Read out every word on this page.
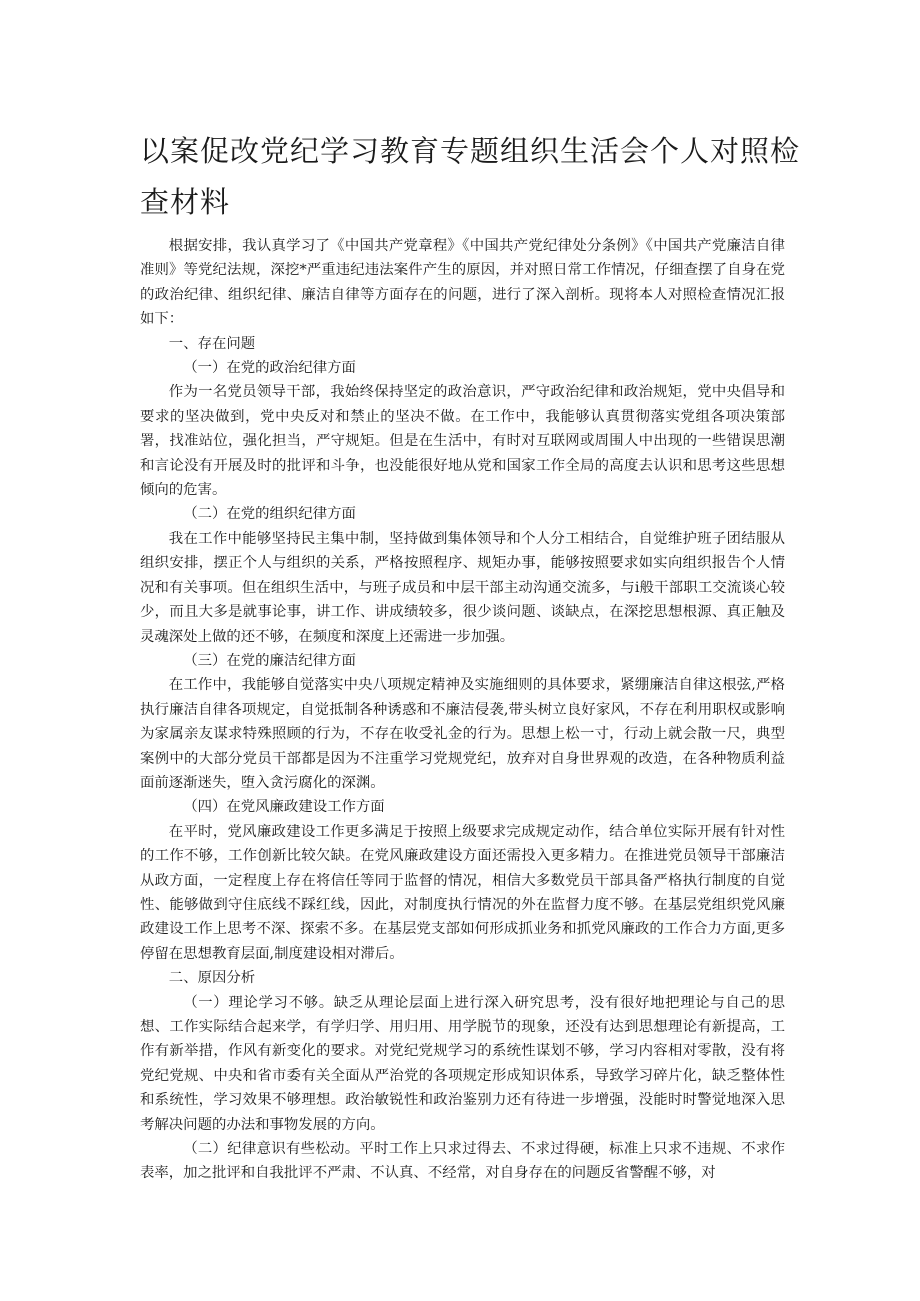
以案促改党纪学习教育专题组织生活会个人对照检查材料

根据安排，我认真学习了《中国共产党章程》《中国共产党纪律处分条例》《中国共产党廉洁自律准则》等党纪法规，深挖*严重违纪违法案件产生的原因，并对照日常工作情况，仔细查摆了自身在党的政治纪律、组织纪律、廉洁自律等方面存在的问题，进行了深入剖析。现将本人对照检查情况汇报如下：

一、存在问题

（一）在党的政治纪律方面

作为一名党员领导干部，我始终保持坚定的政治意识，严守政治纪律和政治规矩，党中央倡导和要求的坚决做到，党中央反对和禁止的坚决不做。在工作中，我能够认真贯彻落实党组各项决策部署，找准站位，强化担当，严守规矩。但是在生活中，有时对互联网或周围人中出现的一些错误思潮和言论没有开展及时的批评和斗争，也没能很好地从党和国家工作全局的高度去认识和思考这些思想倾向的危害。

（二）在党的组织纪律方面

我在工作中能够坚持民主集中制，坚持做到集体领导和个人分工相结合，自觉维护班子团结服从组织安排，摆正个人与组织的关系，严格按照程序、规矩办事，能够按照要求如实向组织报告个人情况和有关事项。但在组织生活中，与班子成员和中层干部主动沟通交流多，与i般干部职工交流谈心较少，而且大多是就事论事，讲工作、讲成绩较多，很少谈问题、谈缺点，在深挖思想根源、真正触及灵魂深处上做的还不够，在频度和深度上还需进一步加强。

（三）在党的廉洁纪律方面

在工作中，我能够自觉落实中央八项规定精神及实施细则的具体要求，紧绷廉洁自律这根弦,严格执行廉洁自律各项规定，自觉抵制各种诱惑和不廉洁侵袭,带头树立良好家风，不存在利用职权或影响为家属亲友谋求特殊照顾的行为，不存在收受礼金的行为。思想上松一寸，行动上就会散一尺，典型案例中的大部分党员干部都是因为不注重学习党规党纪，放弃对自身世界观的改造，在各种物质利益面前逐渐迷失，堕入贪污腐化的深渊。

（四）在党风廉政建设工作方面

在平时，党风廉政建设工作更多满足于按照上级要求完成规定动作，结合单位实际开展有针对性的工作不够，工作创新比较欠缺。在党风廉政建设方面还需投入更多精力。在推进党员领导干部廉洁从政方面，一定程度上存在将信任等同于监督的情况，相信大多数党员干部具备严格执行制度的自觉性、能够做到守住底线不踩红线，因此，对制度执行情况的外在监督力度不够。在基层党组织党风廉政建设工作上思考不深、探索不多。在基层党支部如何形成抓业务和抓党风廉政的工作合力方面,更多停留在思想教育层面,制度建设相对滞后。

二、原因分析

（一）理论学习不够。缺乏从理论层面上进行深入研究思考，没有很好地把理论与自己的思想、工作实际结合起来学，有学归学、用归用、用学脱节的现象，还没有达到思想理论有新提高，工作有新举措，作风有新变化的要求。对党纪党规学习的系统性谋划不够，学习内容相对零散，没有将党纪党规、中央和省市委有关全面从严治党的各项规定形成知识体系，导致学习碎片化，缺乏整体性和系统性，学习效果不够理想。政治敏锐性和政治鉴别力还有待进一步增强，没能时时警觉地深入思考解决问题的办法和事物发展的方向。

（二）纪律意识有些松动。平时工作上只求过得去、不求过得硬，标准上只求不违规、不求作表率，加之批评和自我批评不严肃、不认真、不经常，对自身存在的问题反省警醒不够，对
